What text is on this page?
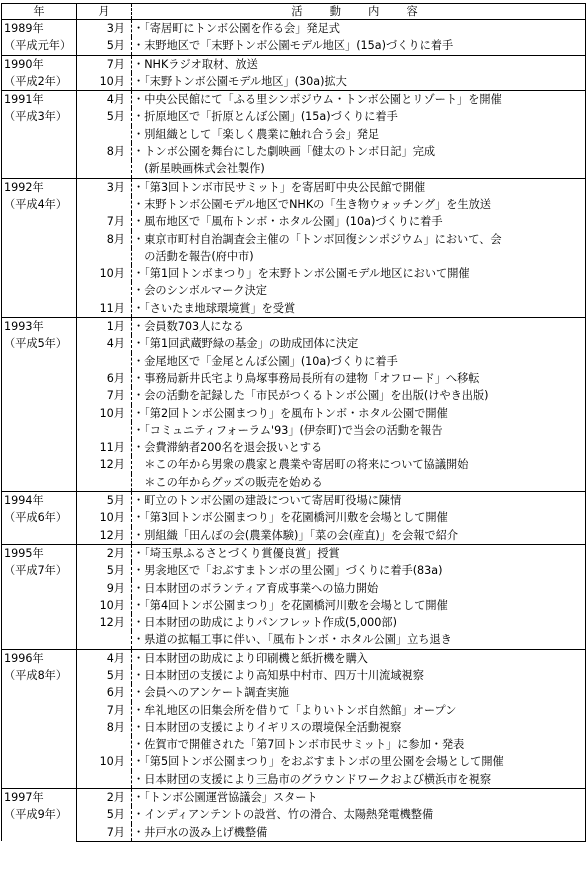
年	月	活　動　内　容

1989年
（平成元年）	3月	・「寄居町にトンボ公園を作る会」発足式
	5月	・末野地区で「末野トンボ公園モデル地区」(15a)づくりに着手

1990年
（平成2年）	7月	・NHKラジオ取材、放送
	10月	・「末野トンボ公園モデル地区」(30a)拡大

1991年
（平成3年）	4月	・中央公民館にて「ふる里シンポジウム・トンボ公園とリゾート」を開催
	5月	・折原地区で「折原とんぼ公園」(15a)づくりに着手
		・別組織として「楽しく農業に触れ合う会」発足
	8月	・トンボ公園を舞台にした劇映画「健太のトンボ日記」完成
		　(新星映画株式会社製作)

1992年
（平成4年）	3月	・「第3回トンボ市民サミット」を寄居町中央公民館で開催
		・末野トンボ公園モデル地区でNHKの「生き物ウォッチング」を生放送
	7月	・風布地区で「風布トンボ・ホタル公園」(10a)づくりに着手
	8月	・東京市町村自治調査会主催の「トンボ回復シンポジウム」において、会
		　の活動を報告(府中市)
	10月	・「第1回トンボまつり」を末野トンボ公園モデル地区において開催
		・会のシンボルマーク決定
	11月	・「さいたま地球環境賞」を受賞

1993年
（平成5年）	1月	・会員数703人になる
	4月	・「第1回武蔵野緑の基金」の助成団体に決定
		・金尾地区で「金尾とんぼ公園」(10a)づくりに着手
	6月	・事務局新井氏宅より鳥塚事務局長所有の建物「オフロード」へ移転
	7月	・会の活動を記録した「市民がつくるトンボ公園」を出版(けやき出版)
	10月	・「第2回トンボ公園まつり」を風布トンボ・ホタル公園で開催
		・「コミュニティフォーラム'93」(伊奈町)で当会の活動を報告
	11月	・会費滞納者200名を退会扱いとする
	12月	　＊この年から男衆の農家と農業や寄居町の将来について協議開始
		　＊この年からグッズの販売を始める

1994年
（平成6年）	5月	・町立のトンボ公園の建設について寄居町役場に陳情
	10月	・「第3回トンボ公園まつり」を花園橋河川敷を会場として開催
	12月	・別組織「田んぼの会(農業体験)」「菜の会(産直)」を会報で紹介

1995年
（平成7年）	2月	・「埼玉県ふるさとづくり賞優良賞」授賞
	5月	・男衾地区で「おぶすまトンボの里公園」づくりに着手(83a)
	9月	・日本財団のボランティア育成事業への協力開始
	10月	・「第4回トンボ公園まつり」を花園橋河川敷を会場として開催
	12月	・日本財団の助成によりパンフレット作成(5,000部)
		・県道の拡幅工事に伴い、「風布トンボ・ホタル公園」立ち退き

1996年
（平成8年）	4月	・日本財団の助成により印刷機と紙折機を購入
	5月	・日本財団の支援により高知県中村市、四万十川流域視察
	6月	・会員へのアンケート調査実施
	7月	・牟礼地区の旧集会所を借りて「よりいトンボ自然館」オープン
	8月	・日本財団の支援によりイギリスの環境保全活動視察
		・佐賀市で開催された「第7回トンボ市民サミット」に参加・発表
	10月	・「第5回トンボ公園まつり」をおぶすまトンボの里公園を会場として開催
		・日本財団の支援により三島市のグラウンドワークおよび横浜市を視察

1997年
（平成9年）	2月	・「トンボ公園運営協議会」スタート
	5月	・インディアンテントの設営、竹の滑合、太陽熱発電機整備
	7月	・井戸水の汲み上げ機整備
